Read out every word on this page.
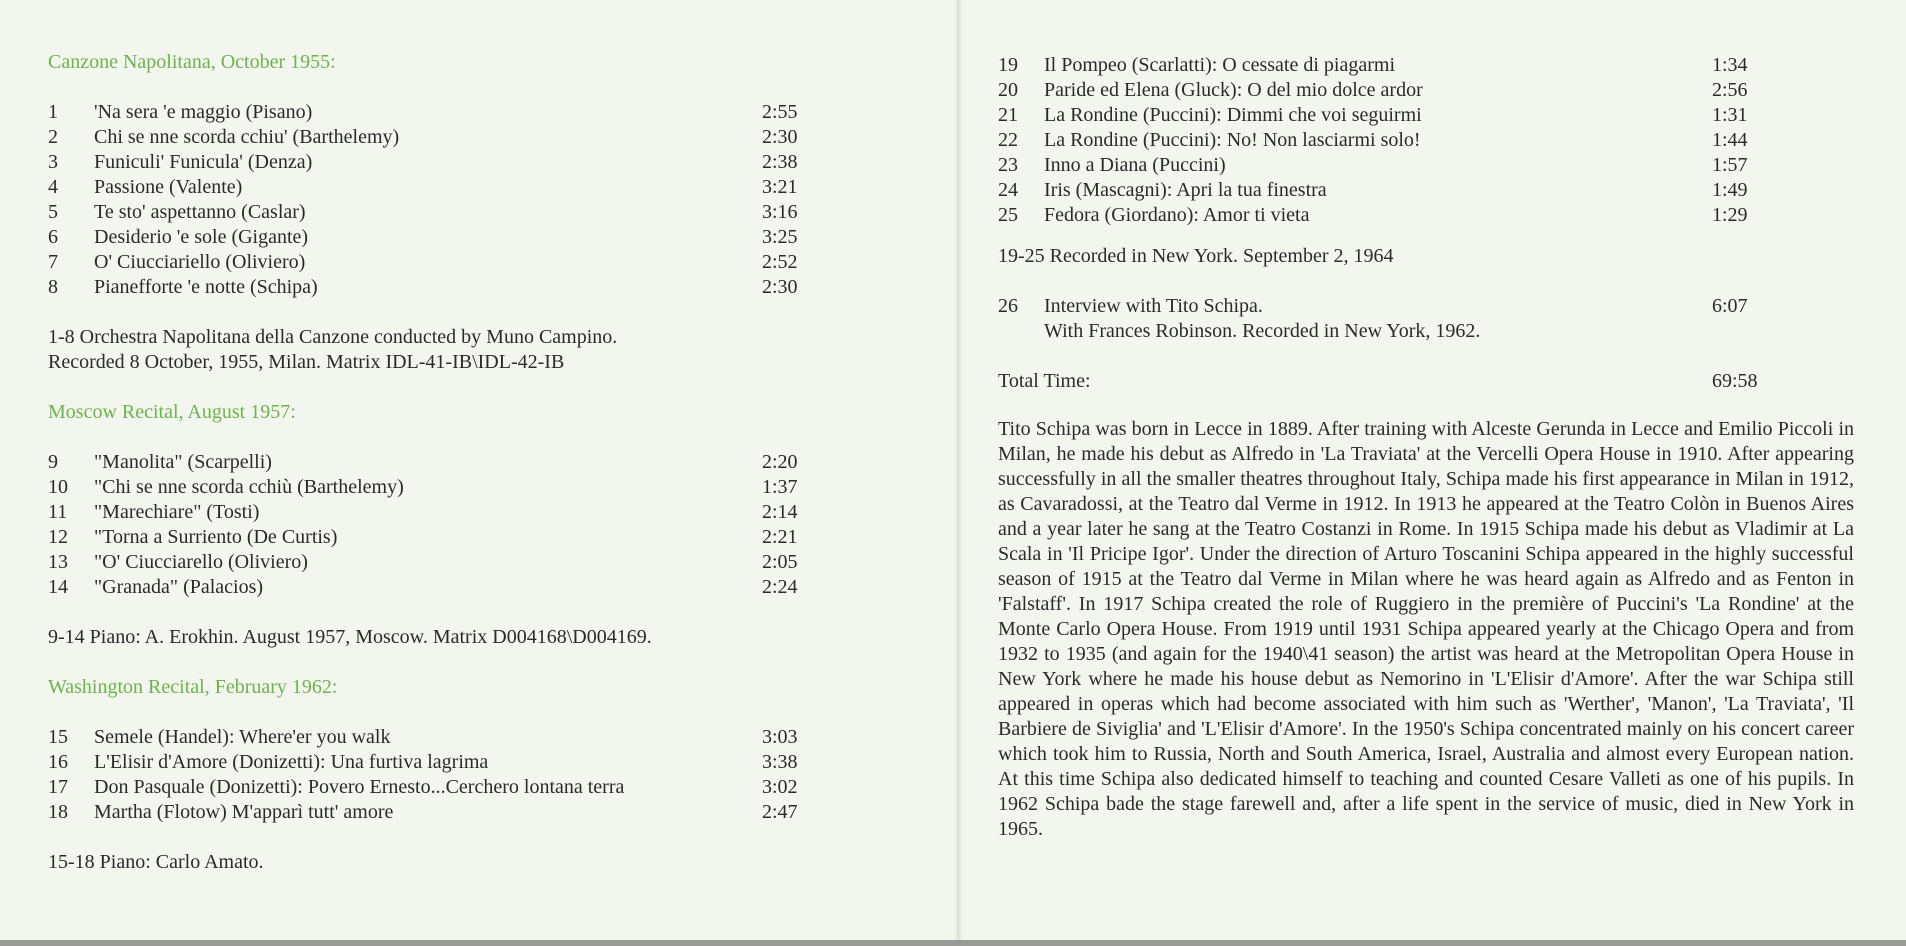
Canzone Napolitana, October 1955:

1 'Na sera 'e maggio (Pisano)	2:55
2 Chi se nne scorda cchiu' (Barthelemy)	2:30
3 Funiculi' Funicula' (Denza)	2:38
4 Passione (Valente)	3:21
5 Te sto' aspettanno (Caslar)	3:16
6 Desiderio 'e sole (Gigante)	3:25
7 O' Ciucciariello (Oliviero)	2:52
8 Pianefforte 'e notte (Schipa)	2:30

1-8 Orchestra Napolitana della Canzone conducted by Muno Campino.

Recorded 8 October, 1955, Milan. Matrix IDL-41-IB\IDL-42-IB

Moscow Recital, August 1957:

9 "Manolita" (Scarpelli)	2:20
10 "Chi se nne scorda cchiù (Barthelemy)	1:37
11 "Marechiare" (Tosti)	2:14
12 "Torna a Surriento (De Curtis)	2:21
13 "O' Ciucciarello (Oliviero)	2:05
14 "Granada" (Palacios)	2:24

9-14 Piano: A. Erokhin. August 1957, Moscow. Matrix D004168\D004169.

Washington Recital, February 1962:

15 Semele (Handel): Where'er you walk	3:03
16 L'Elisir d'Amore (Donizetti): Una furtiva lagrima	3:38
17 Don Pasquale (Donizetti): Povero Ernesto...Cerchero lontana terra	3:02
18 Martha (Flotow) M'apparì tutt' amore	2:47

15-18 Piano: Carlo Amato.

19 Il Pompeo (Scarlatti): O cessate di piagarmi	1:34
20 Paride ed Elena (Gluck): O del mio dolce ardor	2:56
21 La Rondine (Puccini): Dimmi che voi seguirmi	1:31
22 La Rondine (Puccini): No! Non lasciarmi solo!	1:44
23 Inno a Diana (Puccini)	1:57
24 Iris (Mascagni): Apri la tua finestra	1:49
25 Fedora (Giordano): Amor ti vieta	1:29

19-25 Recorded in New York. September 2, 1964

26 Interview with Tito Schipa.	6:07
With Frances Robinson. Recorded in New York, 1962.
Total Time:	69:58

Tito Schipa was born in Lecce in 1889. After training with Alceste Gerunda in Lecce and Emilio Piccoli in Milan, he made his debut as Alfredo in 'La Traviata' at the Vercelli Opera House in 1910. After appearing successfully in all the smaller theatres throughout Italy, Schipa made his first appearance in Milan in 1912, as Cavaradossi, at the Teatro dal Verme in 1912. In 1913 he appeared at the Teatro Colòn in Buenos Aires and a year later he sang at the Teatro Costanzi in Rome. In 1915 Schipa made his debut as Vladimir at La Scala in 'Il Pricipe Igor'. Under the direction of Arturo Toscanini Schipa appeared in the highly successful season of 1915 at the Teatro dal Verme in Milan where he was heard again as Alfredo and as Fenton in 'Falstaff'. In 1917 Schipa created the role of Ruggiero in the première of Puccini's 'La Rondine' at the Monte Carlo Opera House. From 1919 until 1931 Schipa appeared yearly at the Chicago Opera and from 1932 to 1935 (and again for the 1940\41 season) the artist was heard at the Metropolitan Opera House in New York where he made his house debut as Nemorino in 'L'Elisir d'Amore'. After the war Schipa still appeared in operas which had become associated with him such as 'Werther', 'Manon', 'La Traviata', 'Il Barbiere de Siviglia' and 'L'Elisir d'Amore'. In the 1950's Schipa concentrated mainly on his concert career which took him to Russia, North and South America, Israel, Australia and almost every European nation. At this time Schipa also dedicated himself to teaching and counted Cesare Valleti as one of his pupils. In 1962 Schipa bade the stage farewell and, after a life spent in the service of music, died in New York in 1965.
